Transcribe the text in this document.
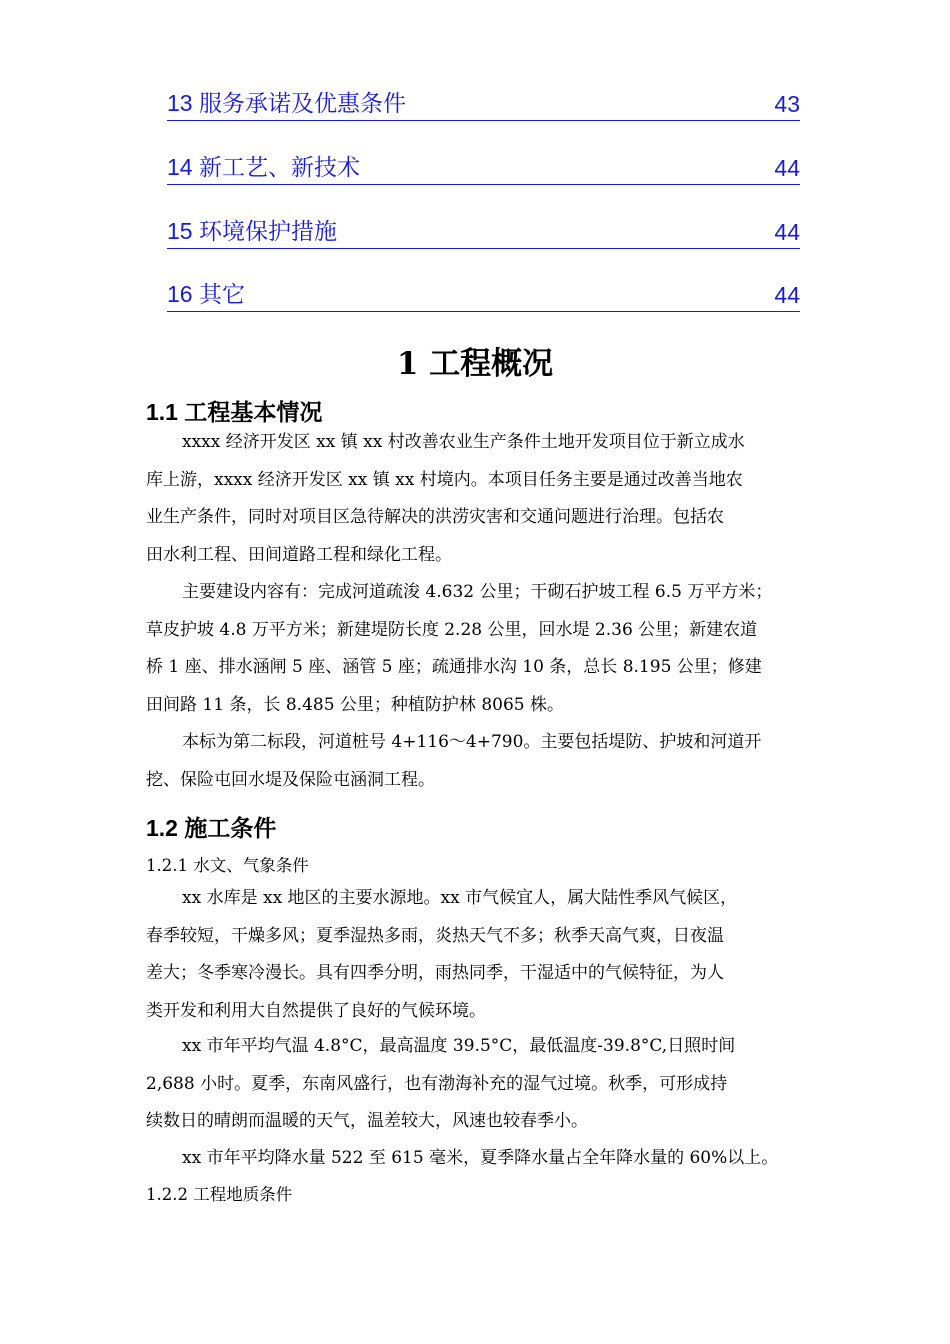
13 服务承诺及优惠条件	43
14 新工艺、新技术	44
15 环境保护措施	44
16 其它	44
1 工程概况
1.1 工程基本情况
xxxx 经济开发区 xx 镇 xx 村改善农业生产条件土地开发项目位于新立成水
库上游，xxxx 经济开发区 xx 镇 xx 村境内。本项目任务主要是通过改善当地农
业生产条件，同时对项目区急待解决的洪涝灾害和交通问题进行治理。包括农
田水利工程、田间道路工程和绿化工程。
主要建设内容有：完成河道疏浚 4.632 公里；干砌石护坡工程 6.5 万平方米；
草皮护坡 4.8 万平方米；新建堤防长度 2.28 公里，回水堤 2.36 公里；新建农道
桥 1 座、排水涵闸 5 座、涵管 5 座；疏通排水沟 10 条，总长 8.195 公里；修建
田间路 11 条，长 8.485 公里；种植防护林 8065 株。
本标为第二标段，河道桩号 4+116～4+790。主要包括堤防、护坡和河道开
挖、保险屯回水堤及保险屯涵洞工程。
1.2 施工条件
1.2.1 水文、气象条件
xx 水库是 xx 地区的主要水源地。xx 市气候宜人，属大陆性季风气候区，
春季较短，干燥多风；夏季湿热多雨，炎热天气不多；秋季天高气爽，日夜温
差大；冬季寒冷漫长。具有四季分明，雨热同季，干湿适中的气候特征，为人
类开发和利用大自然提供了良好的气候环境。
xx 市年平均气温 4.8°C，最高温度 39.5°C，最低温度-39.8°C,日照时间
2,688 小时。夏季，东南风盛行，也有渤海补充的湿气过境。秋季，可形成持
续数日的晴朗而温暖的天气，温差较大，风速也较春季小。
xx 市年平均降水量 522 至 615 毫米，夏季降水量占全年降水量的 60%以上。
1.2.2 工程地质条件
